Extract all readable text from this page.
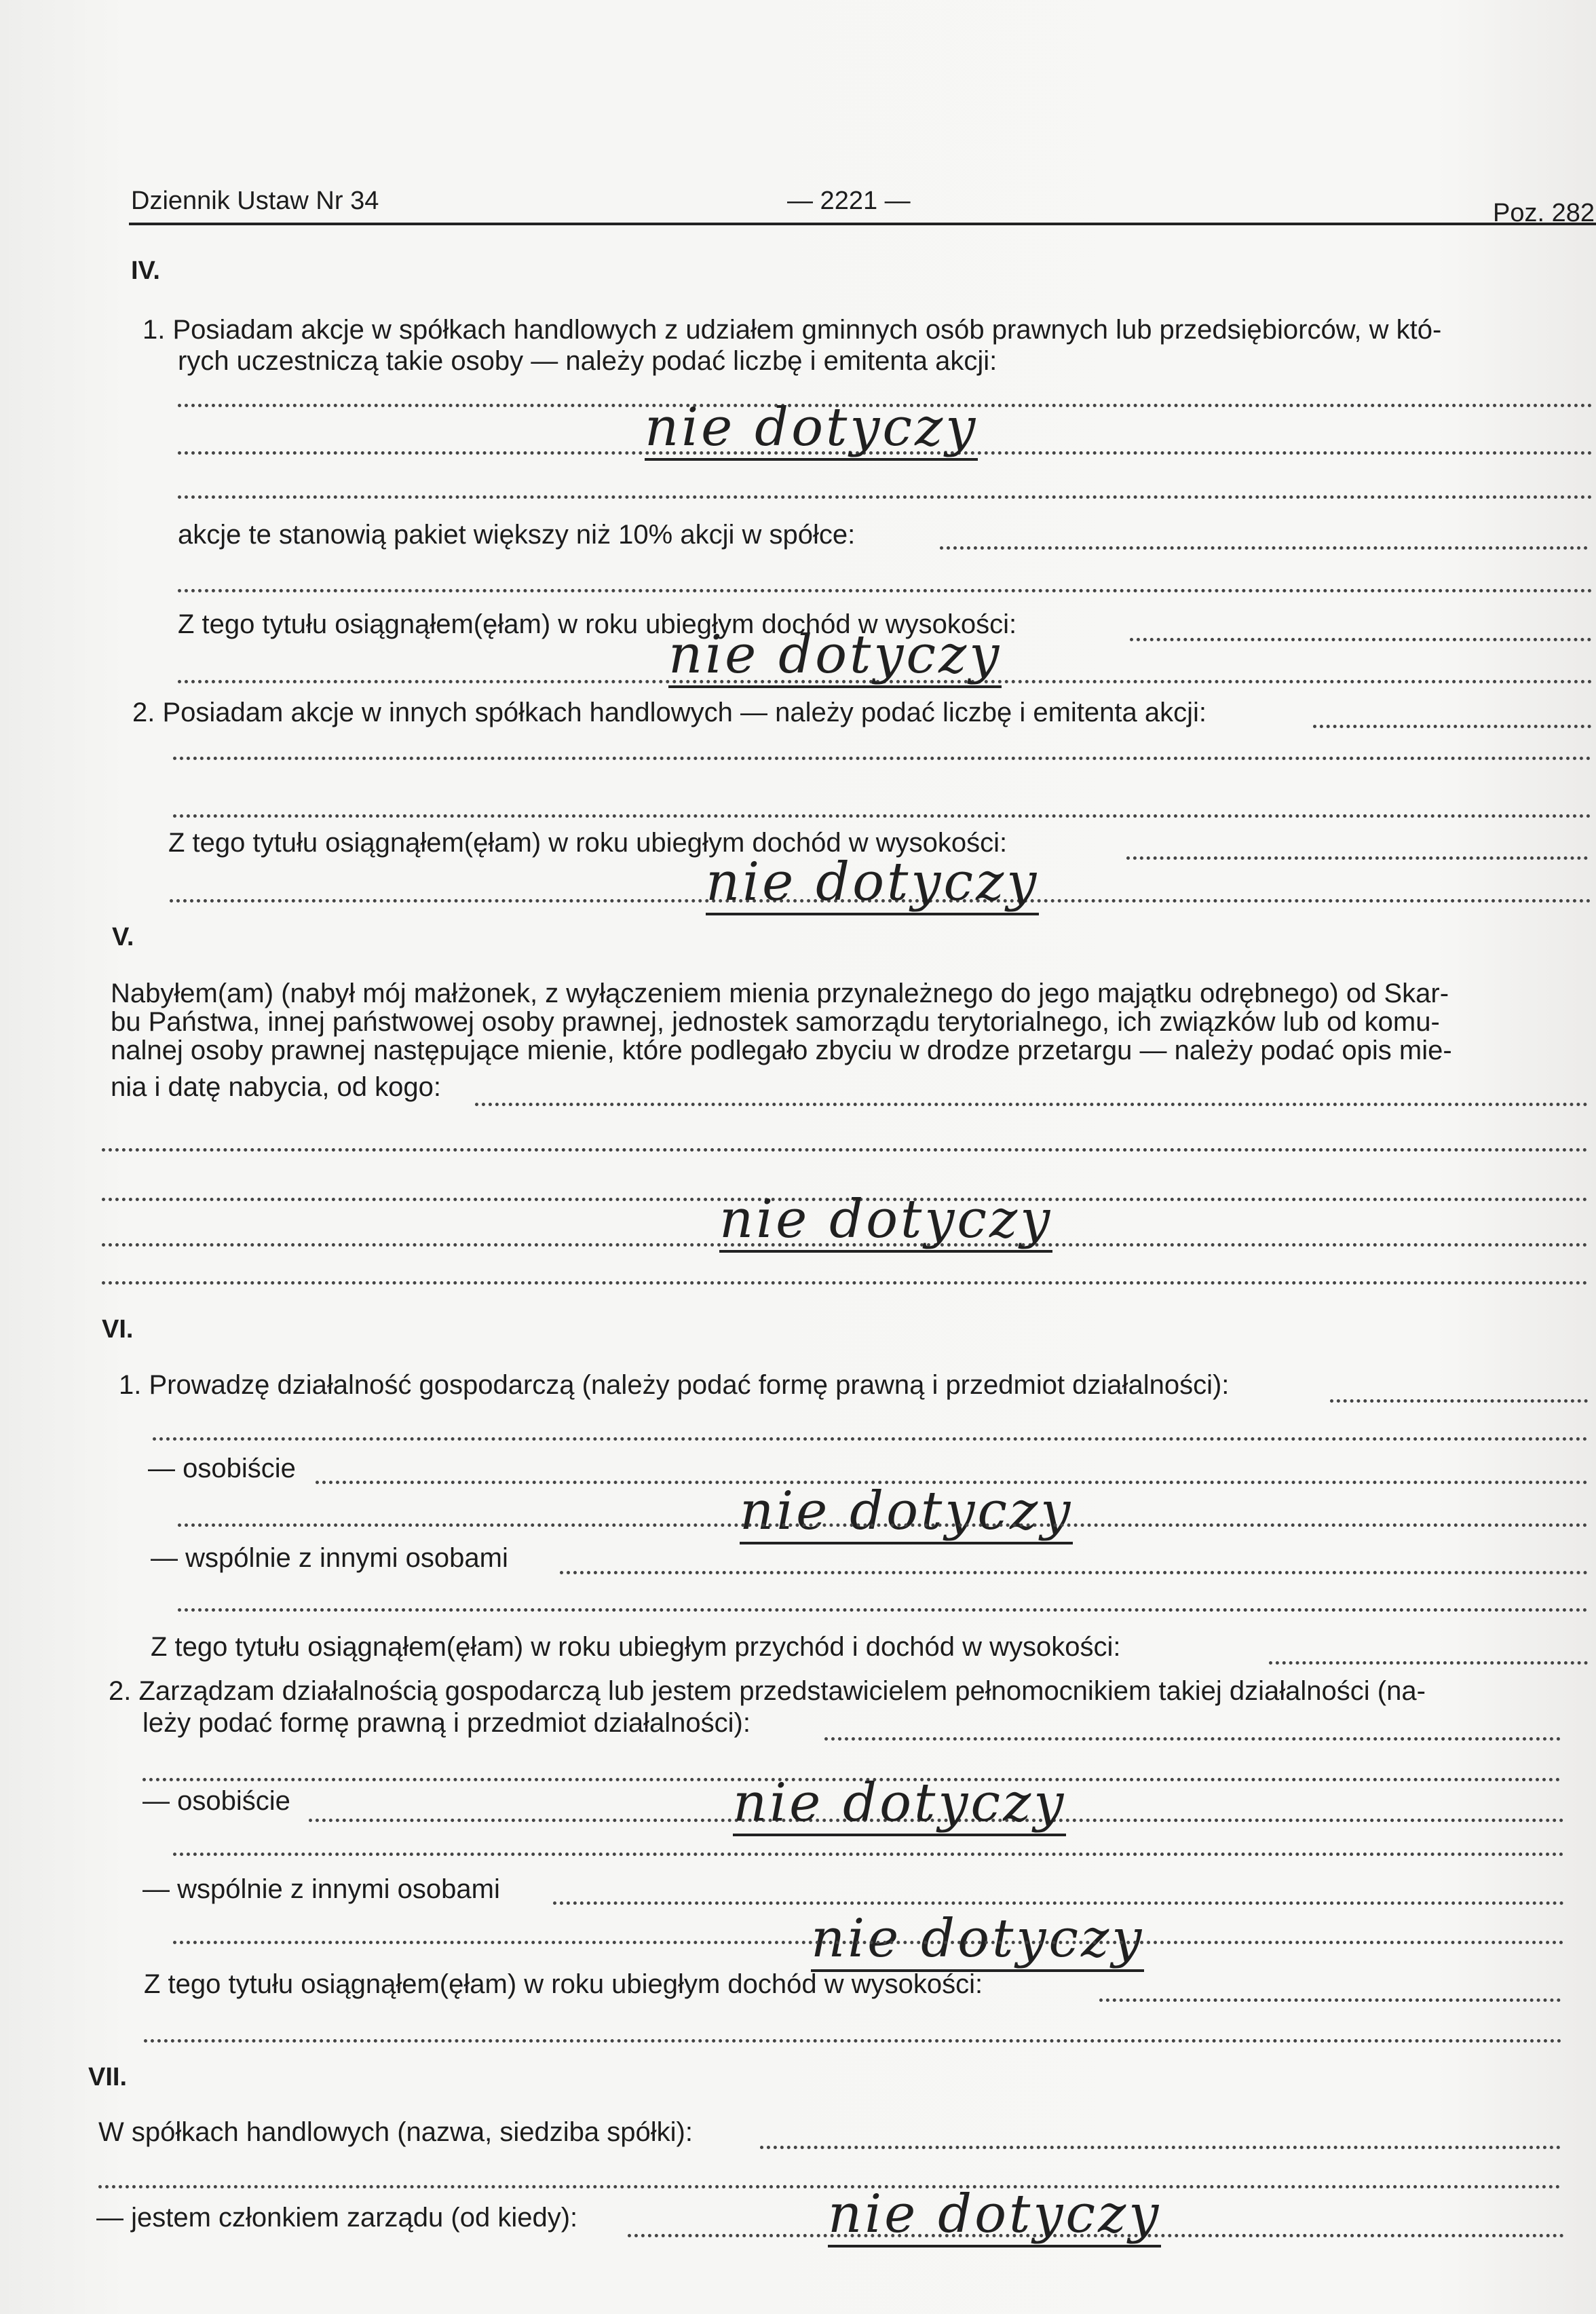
Dziennik Ustaw Nr 34	— 2221 —	Poz. 282
IV.
1. Posiadam akcje w spółkach handlowych z udziałem gminnych osób prawnych lub przedsiębiorców, w któ-
rych uczestniczą takie osoby — należy podać liczbę i emitenta akcji:
nie dotyczy
akcje te stanowią pakiet większy niż 10% akcji w spółce:
Z tego tytułu osiągnąłem(ęłam) w roku ubiegłym dochód w wysokości:
nie dotyczy
2. Posiadam akcje w innych spółkach handlowych — należy podać liczbę i emitenta akcji:
Z tego tytułu osiągnąłem(ęłam) w roku ubiegłym dochód w wysokości:
nie dotyczy
V.
Nabyłem(am) (nabył mój małżonek, z wyłączeniem mienia przynależnego do jego majątku odrębnego) od Skar-
bu Państwa, innej państwowej osoby prawnej, jednostek samorządu terytorialnego, ich związków lub od komu-
nalnej osoby prawnej następujące mienie, które podlegało zbyciu w drodze przetargu — należy podać opis mie-
nia i datę nabycia, od kogo:
nie dotyczy
VI.
1. Prowadzę działalność gospodarczą (należy podać formę prawną i przedmiot działalności):
— osobiście
nie dotyczy
— wspólnie z innymi osobami
Z tego tytułu osiągnąłem(ęłam) w roku ubiegłym przychód i dochód w wysokości:
2. Zarządzam działalnością gospodarczą lub jestem przedstawicielem pełnomocnikiem takiej działalności (na-
leży podać formę prawną i przedmiot działalności):
— osobiście	nie dotyczy
— wspólnie z innymi osobami
nie dotyczy
Z tego tytułu osiągnąłem(ęłam) w roku ubiegłym dochód w wysokości:
VII.
W spółkach handlowych (nazwa, siedziba spółki):
— jestem członkiem zarządu (od kiedy):	nie dotyczy
